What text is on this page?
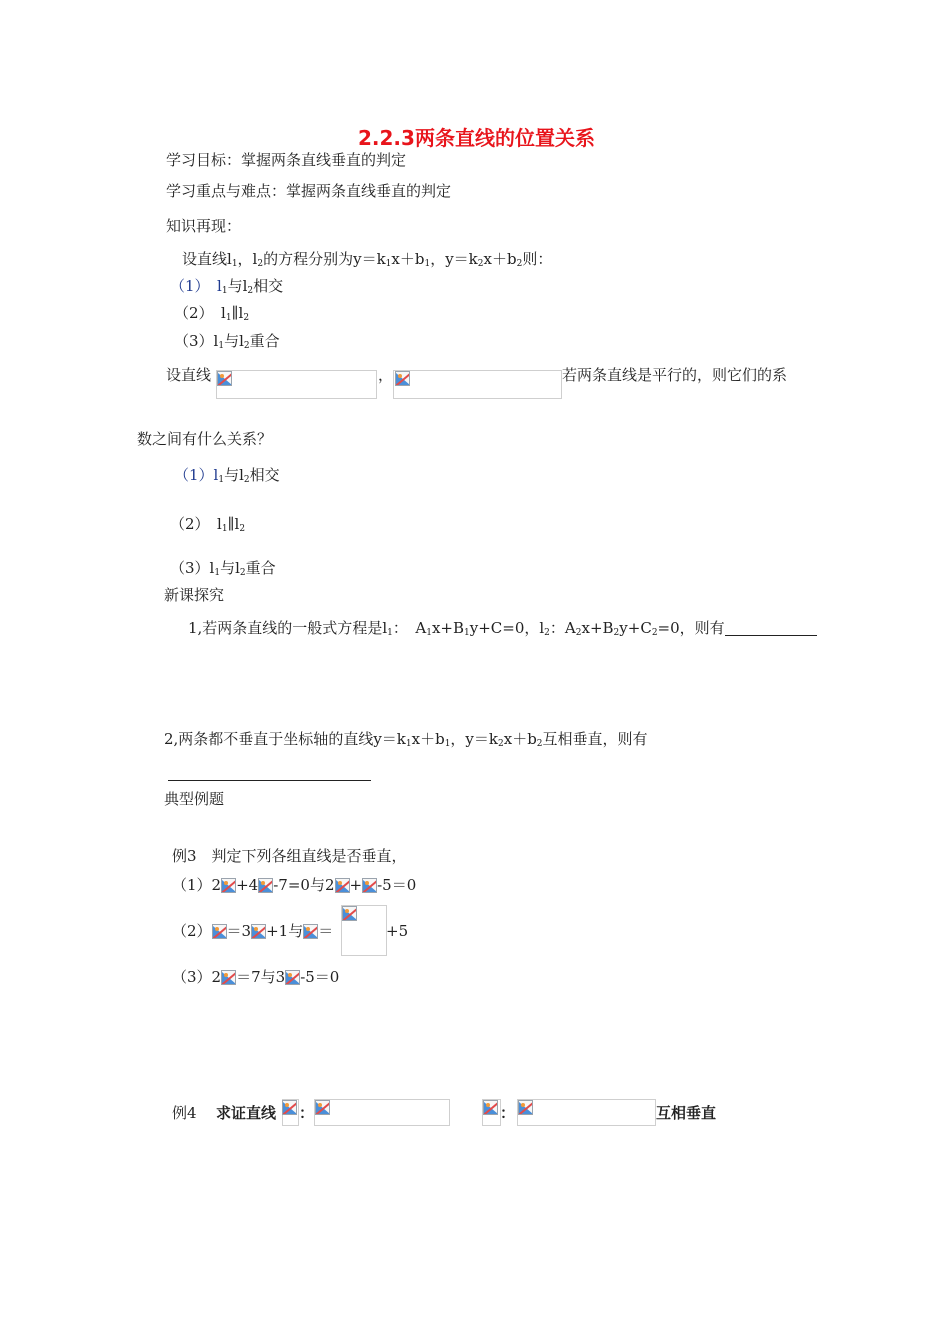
2.2.3两条直线的位置关系
学习目标：掌握两条直线垂直的判定
学习重点与难点：掌握两条直线垂直的判定
知识再现：
设直线$l_1$，$l_2$的方程分别为$y=k_1x+b_1$，$y=k_2x+b_2$则：
（1）　$l_1$与$l_2$相交
（2）　$l_1\parallel l_2$
$(3)l_1$与$l_2$重合
设直线	，	若两条直线是平行的，则它们的系
数之间有什么关系？
$(1)l_1$与$l_2$相交
（2）　$l_1\parallel l_2$
$(3)l_1$与$l_2$重合
新课探究
1,若两条直线的一般式方程是$l_1$：　$A_1x+B_1y+C=0$，$l_2$：$A_2x+B_2y+C_2=0$，则有
2,两条都不垂直于坐标轴的直线$y=k_1x+b_1$，$y=k_2x+b_2$互相垂直，则有
典型例题
例3　判定下列各组直线是否垂直，
（1）2 +4 -7=0与2 + -5＝0
（2） ＝3 +1与 ＝	+5
（3）2 ＝7与3 -5＝0
例4 求证直线 ：	：	互相垂直
